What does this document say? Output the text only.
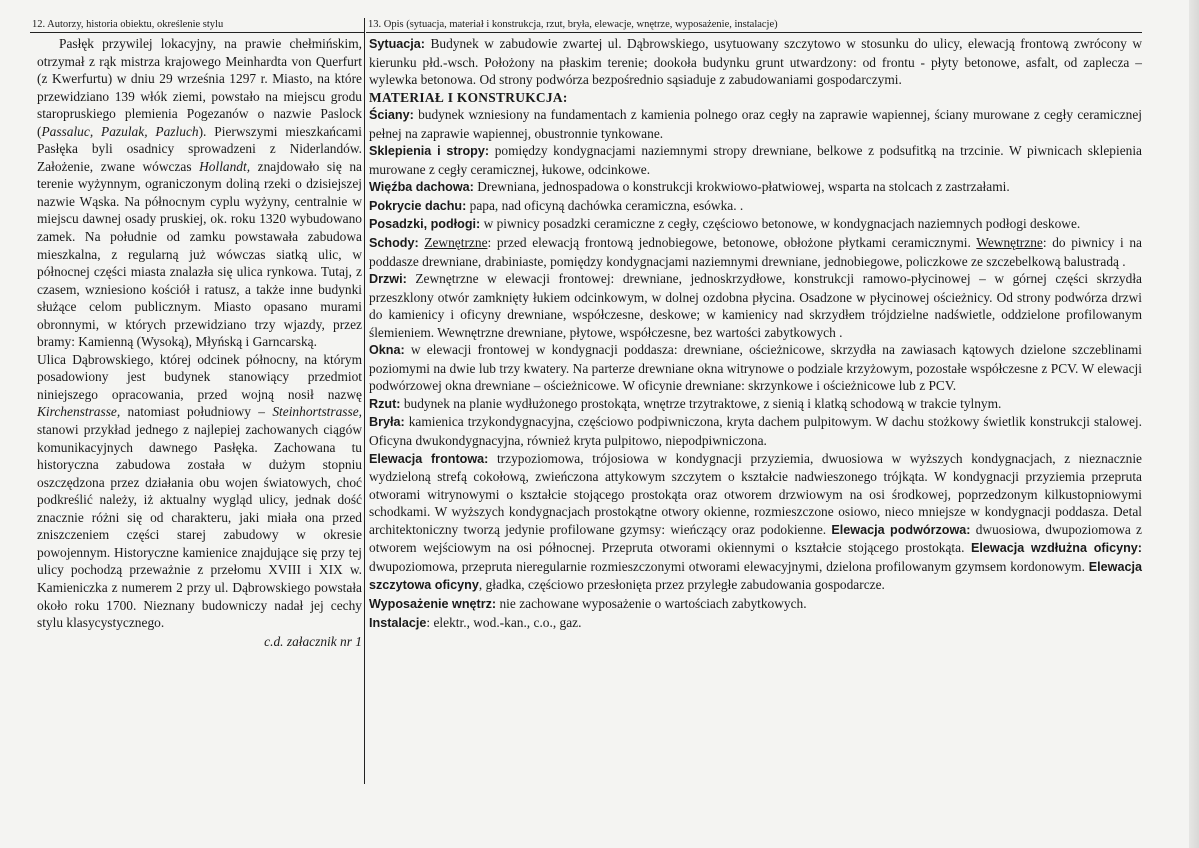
12. Autorzy, historia obiektu, określenie stylu

Pasłęk przywilej lokacyjny, na prawie chełmińskim, otrzymał z rąk mistrza krajowego Meinhardta von Querfurt (z Kwerfurtu) w dniu 29 września 1297 r. Miasto, na które przewidziano 139 włók ziemi, powstało na miejscu grodu staropruskiego plemienia Pogezanów o nazwie Paslock (Passaluc, Pazulak, Pazluch). Pierwszymi mieszkańcami Pasłęka byli osadnicy sprowadzeni z Niderlandów. Założenie, zwane wówczas Hollandt, znajdowało się na terenie wyżynnym, ograniczonym doliną rzeki o dzisiejszej nazwie Wąska. Na północnym cyplu wyżyny, centralnie w miejscu dawnej osady pruskiej, ok. roku 1320 wybudowano zamek. Na południe od zamku powstawała zabudowa mieszkalna, z regularną już wówczas siatką ulic, w północnej części miasta znalazła się ulica rynkowa. Tutaj, z czasem, wzniesiono kościół i ratusz, a także inne budynki służące celom publicznym. Miasto opasano murami obronnymi, w których przewidziano trzy wjazdy, przez bramy: Kamienną (Wysoką), Młyńską i Garncarską.

Ulica Dąbrowskiego, której odcinek północny, na którym posadowiony jest budynek stanowiący przedmiot niniejszego opracowania, przed wojną nosił nazwę Kirchenstrasse, natomiast południowy – Steinhortstrasse, stanowi przykład jednego z najlepiej zachowanych ciągów komunikacyjnych dawnego Pasłęka. Zachowana tu historyczna zabudowa została w dużym stopniu oszczędzona przez działania obu wojen światowych, choć podkreślić należy, iż aktualny wygląd ulicy, jednak dość znacznie różni się od charakteru, jaki miała ona przed zniszczeniem części starej zabudowy w okresie powojennym. Historyczne kamienice znajdujące się przy tej ulicy pochodzą przeważnie z przełomu XVIII i XIX w. Kamieniczka z numerem 2 przy ul. Dąbrowskiego powstała około roku 1700. Nieznany budowniczy nadał jej cechy stylu klasycystycznego.

c.d. załacznik nr 1
13. Opis (sytuacja, materiał i konstrukcja, rzut, bryła, elewacje, wnętrze, wyposażenie, instalacje)

Sytuacja: Budynek w zabudowie zwartej ul. Dąbrowskiego, usytuowany szczytowo w stosunku do ulicy, elewacją frontową zwrócony w kierunku płd.-wsch. Położony na płaskim terenie; dookoła budynku grunt utwardzony: od frontu - płyty betonowe, asfalt, od zaplecza – wylewka betonowa. Od strony podwórza bezpośrednio sąsiaduje z zabudowaniami gospodarczymi.

MATERIAŁ I KONSTRUKCJA:

Ściany: budynek wzniesiony na fundamentach z kamienia polnego oraz cegły na zaprawie wapiennej, ściany murowane z cegły ceramicznej pełnej na zaprawie wapiennej, obustronnie tynkowane.

Sklepienia i stropy: pomiędzy kondygnacjami naziemnymi stropy drewniane, belkowe z podsufitką na trzcinie. W piwnicach sklepienia murowane z cegły ceramicznej, łukowe, odcinkowe.

Więźba dachowa: Drewniana, jednospadowa o konstrukcji krokwiowo-płatwiowej, wsparta na stolcach z zastrzałami.

Pokrycie dachu: papa, nad oficyną dachówka ceramiczna, esówka. .

Posadzki, podłogi: w piwnicy posadzki ceramiczne z cegły, częściowo betonowe, w kondygnacjach naziemnych podłogi deskowe.

Schody: Zewnętrzne: przed elewacją frontową jednobiegowe, betonowe, obłożone płytkami ceramicznymi. Wewnętrzne: do piwnicy i na poddasze drewniane, drabiniaste, pomiędzy kondygnacjami naziemnymi drewniane, jednobiegowe, policzkowe ze szczebelkową balustradą .

Drzwi: Zewnętrzne w elewacji frontowej: drewniane, jednoskrzydłowe, konstrukcji ramowo-płycinowej – w górnej części skrzydła przeszklony otwór zamknięty łukiem odcinkowym, w dolnej ozdobna płycina. Osadzone w płycinowej ościeżnicy. Od strony podwórza drzwi do kamienicy i oficyny drewniane, współczesne, deskowe; w kamienicy nad skrzydłem trójdzielne nadświetle, oddzielone profilowanym ślemieniem. Wewnętrzne drewniane, płytowe, współczesne, bez wartości zabytkowych .

Okna: w elewacji frontowej w kondygnacji poddasza: drewniane, ościeżnicowe, skrzydła na zawiasach kątowych dzielone szczeblinami poziomymi na dwie lub trzy kwatery. Na parterze drewniane okna witrynowe o podziale krzyżowym, pozostałe współczesne z PCV. W elewacji podwórzowej okna drewniane – ościeżnicowe. W oficynie drewniane: skrzynkowe i ościeżnicowe lub z PCV.

Rzut: budynek na planie wydłużonego prostokąta, wnętrze trzytraktowe, z sienią i klatką schodową w trakcie tylnym.

Bryła: kamienica trzykondygnacyjna, częściowo podpiwniczona, kryta dachem pulpitowym. W dachu stożkowy świetlik konstrukcji stalowej. Oficyna dwukondygnacyjna, również kryta pulpitowo, niepodpiwniczona.

Elewacja frontowa: trzypoziomowa, trójosiowa w kondygnacji przyziemia, dwuosiowa w wyższych kondygnacjach, z nieznacznie wydzieloną strefą cokołową, zwieńczona attykowym szczytem o kształcie nadwieszonego trójkąta. W kondygnacji przyziemia przeprutа otworami witrynowymi o kształcie stojącego prostokąta oraz otworem drzwiowym na osi środkowej, poprzedzonym kilkustopniowymi schodkami. W wyższych kondygnacjach prostokątne otwory okienne, rozmieszczone osiowo, nieco mniejsze w kondygnacji poddasza. Detal architektoniczny tworzą jedynie profilowane gzymsy: wieńczący oraz podokienne. Elewacja podwórzowa: dwuosiowa, dwupoziomowa z otworem wejściowym na osi północnej. Przeprutа otworami okiennymi o kształcie stojącego prostokąta. Elewacja wzdłużna oficyny: dwupoziomowa, przeprutа nieregularnie rozmieszczonymi otworami elewacyjnymi, dzielona profilowanym gzymsem kordonowym. Elewacja szczytowa oficyny, gładka, częściowo przesłonięta przez przyległe zabudowania gospodarcze.

Wyposażenie wnętrz: nie zachowane wyposażenie o wartościach zabytkowych.

Instalacje: elektr., wod.-kan., c.o., gaz.
